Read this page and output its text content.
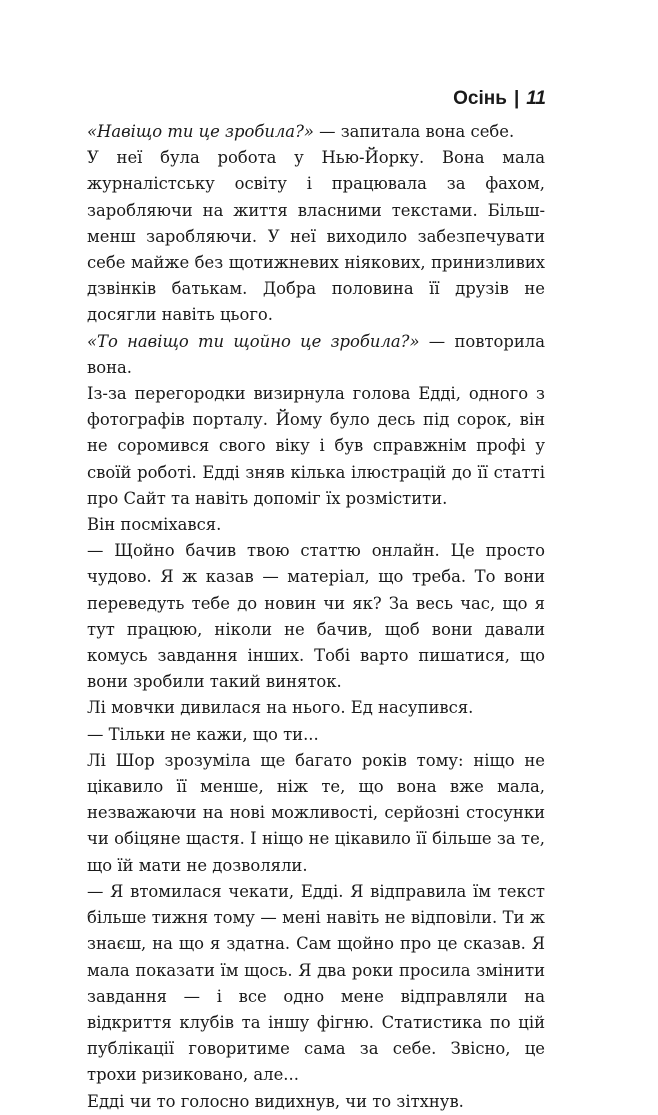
Осінь | 11

«Навіщо ти це зробила?» — запитала вона себе.

У неї була робота у Нью-Йорку. Вона мала журналістську освіту і працювала за фахом, заробляючи на життя власними текстами. Більш-менш заробляючи. У неї виходило забезпечувати себе майже без щотижневих ніякових, принизливих дзвінків батькам. Добра половина її друзів не досягли навіть цього.

«То навіщо ти щойно це зробила?» — повторила вона.

Із-за перегородки визирнула голова Едді, одного з фотографів порталу. Йому було десь під сорок, він не соромився свого віку і був справжнім профі у своїй роботі. Едді зняв кілька ілюстрацій до її статті про Сайт та навіть допоміг їх розмістити.

Він посміхався.

— Щойно бачив твою статтю онлайн. Це просто чудово. Я ж казав — матеріал, що треба. То вони переведуть тебе до новин чи як? За весь час, що я тут працюю, ніколи не бачив, щоб вони давали комусь завдання інших. Тобі варто пишатися, що вони зробили такий виняток.

Лі мовчки дивилася на нього. Ед насупився.

— Тільки не кажи, що ти...

Лі Шор зрозуміла ще багато років тому: ніщо не цікавило її менше, ніж те, що вона вже мала, незважаючи на нові можливості, серйозні стосунки чи обіцяне щастя. І ніщо не цікавило її більше за те, що їй мати не дозволяли.

— Я втомилася чекати, Едді. Я відправила їм текст більше тижня тому — мені навіть не відповіли. Ти ж знаєш, на що я здатна. Сам щойно про це сказав. Я мала показати їм щось. Я два роки просила змінити завдання — і все одно мене відправляли на відкриття клубів та іншу фігню. Статистика по цій публікації говоритиме сама за себе. Звісно, це трохи ризиковано, але...

Едді чи то голосно видихнув, чи то зітхнув.
